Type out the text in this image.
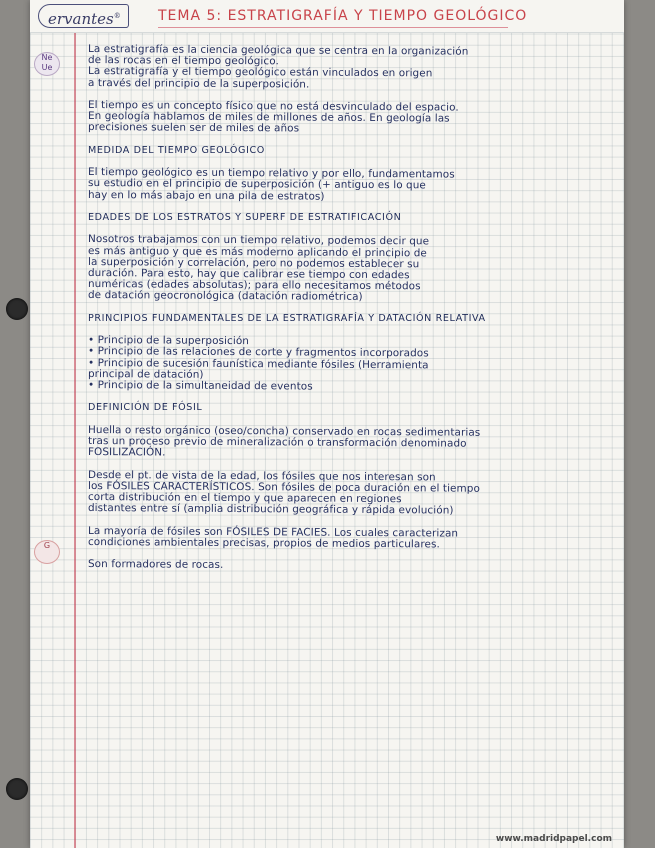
ervantes®	TEMA 5: ESTRATIGRAFÍA Y TIEMPO GEOLÓGICO
Ne Ue
G
La estratigrafía es la ciencia geológica que se centra en la organización
de las rocas en el tiempo geológico.
La estratigrafía y el tiempo geológico están vinculados en origen
a través del principio de la superposición.
El tiempo es un concepto físico que no está desvinculado del espacio.
En geología hablamos de miles de millones de años. En geología las
precisiones suelen ser de miles de años
MEDIDA DEL TIEMPO GEOLÓGICO
El tiempo geológico es un tiempo relativo y por ello, fundamentamos
su estudio en el principio de superposición (+ antiguo es lo que
hay en lo más abajo en una pila de estratos)
EDADES DE LOS ESTRATOS Y SUPERF DE ESTRATIFICACIÓN
Nosotros trabajamos con un tiempo relativo, podemos decir que
es más antiguo y que es más moderno aplicando el principio de
la superposición y correlación, pero no podemos establecer su
duración. Para esto, hay que calibrar ese tiempo con edades
numéricas (edades absolutas); para ello necesitamos métodos
de datación geocronológica (datación radiométrica)
PRINCIPIOS FUNDAMENTALES DE LA ESTRATIGRAFÍA Y DATACIÓN RELATIVA
• Principio de la superposición
• Principio de las relaciones de corte y fragmentos incorporados
• Principio de sucesión faunística mediante fósiles (Herramienta
principal de datación)
• Principio de la simultaneidad de eventos
DEFINICIÓN DE FÓSIL
Huella o resto orgánico (oseo/concha) conservado en rocas sedimentarias
tras un proceso previo de mineralización o transformación denominado
FOSILIZACIÓN.
Desde el pt. de vista de la edad, los fósiles que nos interesan son
los FÓSILES CARACTERÍSTICOS. Son fósiles de poca duración en el tiempo
corta distribución en el tiempo y que aparecen en regiones
distantes entre sí (amplia distribución geográfica y rápida evolución)
La mayoría de fósiles son FÓSILES DE FACIES. Los cuales caracterizan
condiciones ambientales precisas, propios de medios particulares.
Son formadores de rocas.
www.madridpapel.com
